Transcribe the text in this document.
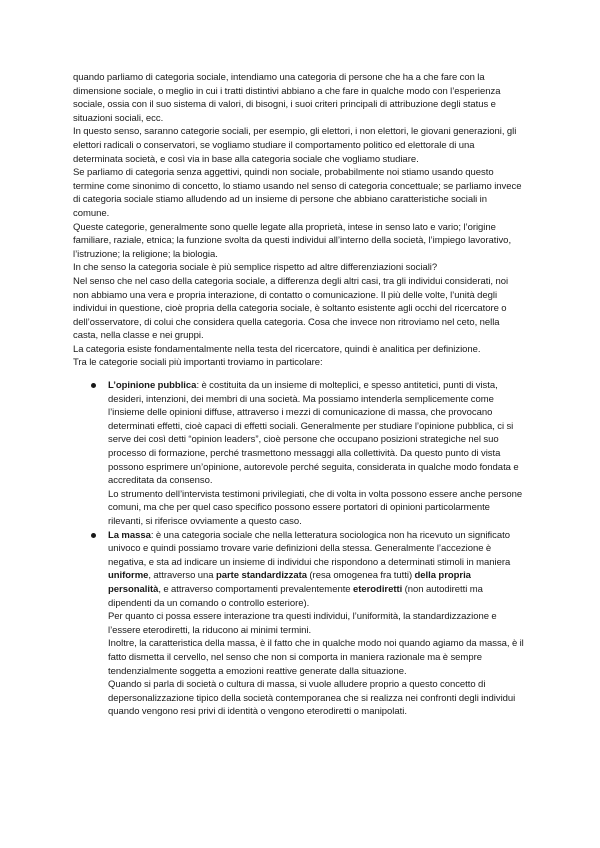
quando parliamo di categoria sociale, intendiamo una categoria di persone che ha a che fare con la dimensione sociale, o meglio in cui i tratti distintivi abbiano a che fare in qualche modo con l’esperienza sociale, ossia con il suo sistema di valori, di bisogni, i suoi criteri principali di attribuzione degli status e situazioni sociali, ecc.

In questo senso, saranno categorie sociali, per esempio, gli elettori, i non elettori, le giovani generazioni, gli elettori radicali o conservatori, se vogliamo studiare il comportamento politico ed elettorale di una determinata società, e così via in base alla categoria sociale che vogliamo studiare.

Se parliamo di categoria senza aggettivi, quindi non sociale, probabilmente noi stiamo usando questo termine come sinonimo di concetto, lo stiamo usando nel senso di categoria concettuale; se parliamo invece di categoria sociale stiamo alludendo ad un insieme di persone che abbiano caratteristiche sociali in comune.

Queste categorie, generalmente sono quelle legate alla proprietà, intese in senso lato e vario; l’origine familiare, raziale, etnica; la funzione svolta da questi individui all’interno della società, l’impiego lavorativo, l’istruzione; la religione; la biologia.

In che senso la categoria sociale è più semplice rispetto ad altre differenziazioni sociali?

Nel senso che nel caso della categoria sociale, a differenza degli altri casi, tra gli individui considerati, noi non abbiamo una vera e propria interazione, di contatto o comunicazione. Il più delle volte, l’unità degli individui in questione, cioè propria della categoria sociale, è soltanto esistente agli occhi del ricercatore o dell’osservatore, di colui che considera quella categoria. Cosa che invece non ritroviamo nel ceto, nella casta, nella classe e nei gruppi.

La categoria esiste fondamentalmente nella testa del ricercatore, quindi è analitica per definizione.

Tra le categorie sociali più importanti troviamo in particolare:

L’opinione pubblica: è costituita da un insieme di molteplici, e spesso antitetici, punti di vista, desideri, intenzioni, dei membri di una società. Ma possiamo intenderla semplicemente come l’insieme delle opinioni diffuse, attraverso i mezzi di comunicazione di massa, che provocano determinati effetti, cioè capaci di effetti sociali. Generalmente per studiare l’opinione pubblica, ci si serve dei così detti “opinion leaders”, cioè persone che occupano posizioni strategiche nel suo processo di formazione, perché trasmettono messaggi alla collettività. Da questo punto di vista possono esprimere un’opinione, autorevole perché seguita, considerata in qualche modo fondata e accreditata da consenso.

Lo strumento dell’intervista testimoni privilegiati, che di volta in volta possono essere anche persone comuni, ma che per quel caso specifico possono essere portatori di opinioni particolarmente rilevanti, si riferisce ovviamente a questo caso.

La massa: è una categoria sociale che nella letteratura sociologica non ha ricevuto un significato univoco e quindi possiamo trovare varie definizioni della stessa. Generalmente l’accezione è negativa, e sta ad indicare un insieme di individui che rispondono a determinati stimoli in maniera uniforme, attraverso una parte standardizzata (resa omogenea fra tutti) della propria personalità, e attraverso comportamenti prevalentemente eterodiretti (non autodiretti ma dipendenti da un comando o controllo esteriore).

Per quanto ci possa essere interazione tra questi individui, l’uniformità, la standardizzazione e l’essere eterodiretti, la riducono ai minimi termini.

Inoltre, la caratteristica della massa, è il fatto che in qualche modo noi quando agiamo da massa, è il fatto dismetta il cervello, nel senso che non si comporta in maniera razionale ma è sempre tendenzialmente soggetta a emozioni reattive generate dalla situazione.

Quando si parla di società o cultura di massa, si vuole alludere proprio a questo concetto di depersonalizzazione tipico della società contemporanea che si realizza nei confronti degli individui quando vengono resi privi di identità o vengono eterodiretti o manipolati.
